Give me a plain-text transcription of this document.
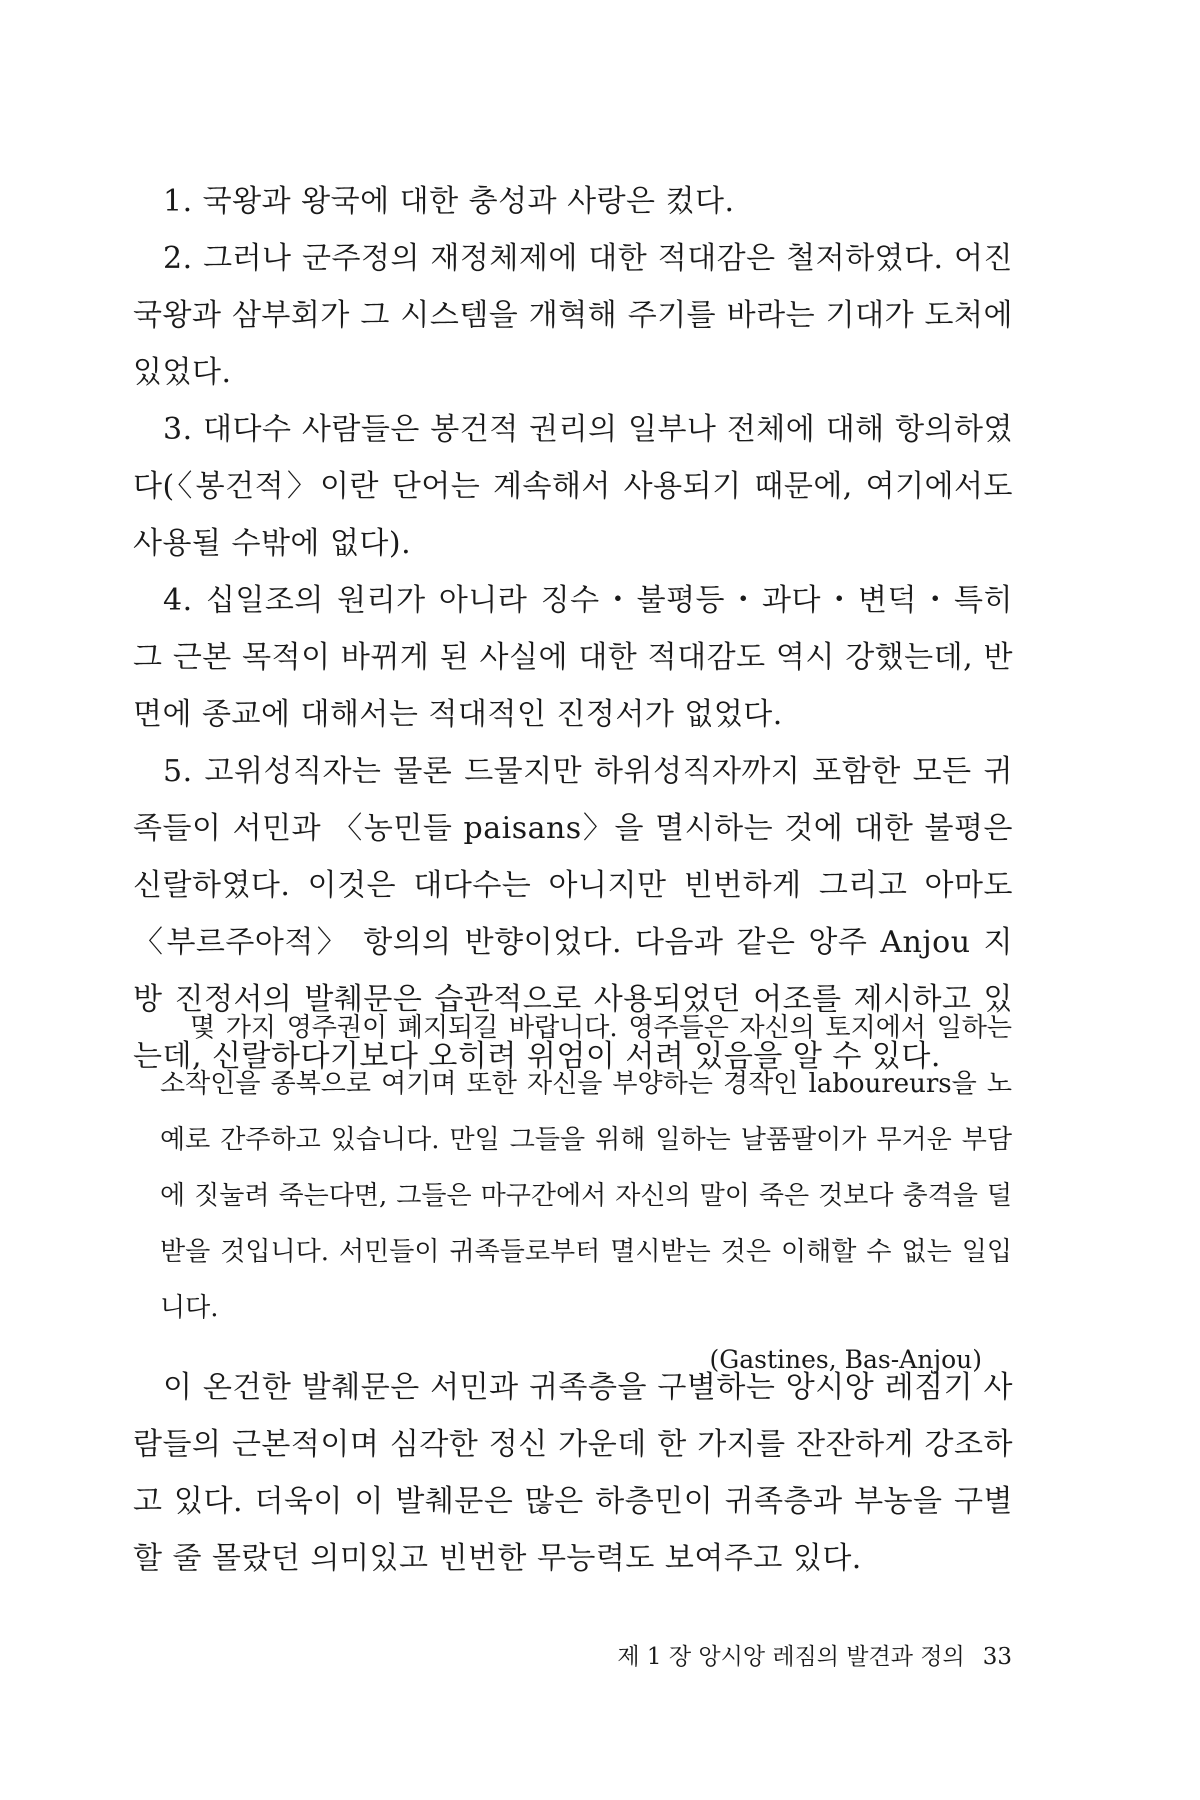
1. 국왕과 왕국에 대한 충성과 사랑은 컸다.

2. 그러나 군주정의 재정체제에 대한 적대감은 철저하였다. 어진 국왕과 삼부회가 그 시스템을 개혁해 주기를 바라는 기대가 도처에 있었다.

3. 대다수 사람들은 봉건적 권리의 일부나 전체에 대해 항의하였다(〈봉건적〉이란 단어는 계속해서 사용되기 때문에, 여기에서도 사용될 수밖에 없다).

4. 십일조의 원리가 아니라 징수・불평등・과다・변덕・특히 그 근본 목적이 바뀌게 된 사실에 대한 적대감도 역시 강했는데, 반면에 종교에 대해서는 적대적인 진정서가 없었다.

5. 고위성직자는 물론 드물지만 하위성직자까지 포함한 모든 귀족들이 서민과 〈농민들 paisans〉을 멸시하는 것에 대한 불평은 신랄하였다. 이것은 대다수는 아니지만 빈번하게 그리고 아마도 〈부르주아적〉 항의의 반향이었다. 다음과 같은 앙주 Anjou 지방 진정서의 발췌문은 습관적으로 사용되었던 어조를 제시하고 있는데, 신랄하다기보다 오히려 위엄이 서려 있음을 알 수 있다.

몇 가지 영주권이 폐지되길 바랍니다. 영주들은 자신의 토지에서 일하는 소작인을 종복으로 여기며 또한 자신을 부양하는 경작인 laboureurs을 노예로 간주하고 있습니다. 만일 그들을 위해 일하는 날품팔이가 무거운 부담에 짓눌려 죽는다면, 그들은 마구간에서 자신의 말이 죽은 것보다 충격을 덜 받을 것입니다. 서민들이 귀족들로부터 멸시받는 것은 이해할 수 없는 일입니다.

(Gastines, Bas-Anjou)

이 온건한 발췌문은 서민과 귀족층을 구별하는 앙시앙 레짐기 사람들의 근본적이며 심각한 정신 가운데 한 가지를 잔잔하게 강조하고 있다. 더욱이 이 발췌문은 많은 하층민이 귀족층과 부농을 구별할 줄 몰랐던 의미있고 빈번한 무능력도 보여주고 있다.

제 1 장 앙시앙 레짐의 발견과 정의 33
